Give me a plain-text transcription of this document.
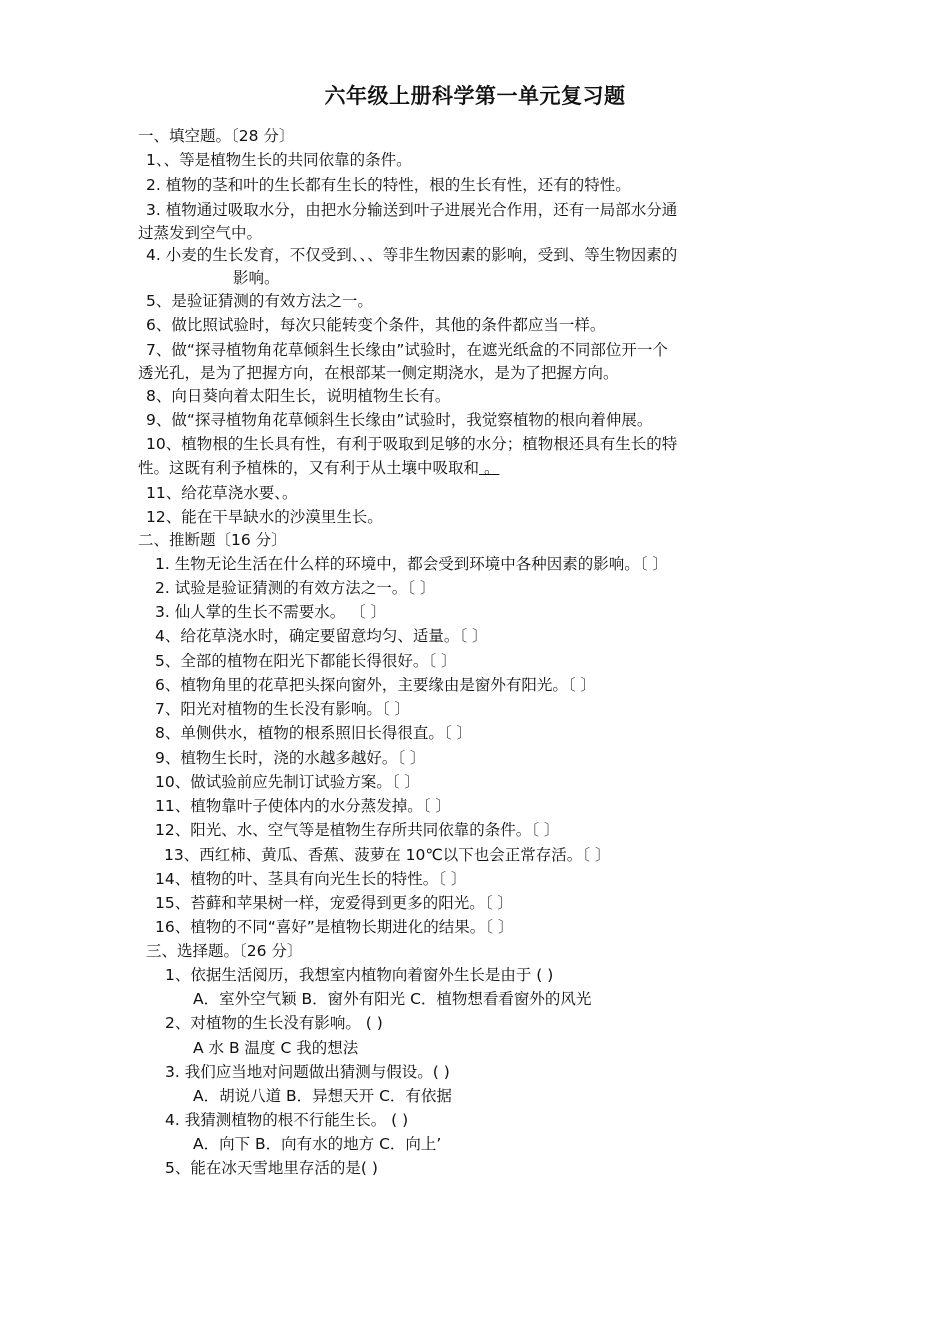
六年级上册科学第一单元复习题
一、填空题。〔28 分〕
1、、等是植物生长的共同依靠的条件。
2. 植物的茎和叶的生长都有生长的特性，根的生长有性，还有的特性。
3. 植物通过吸取水分，由把水分输送到叶子进展光合作用，还有一局部水分通
过蒸发到空气中。
4. 小麦的生长发育，不仅受到、、、等非生物因素的影响，受到、等生物因素的
影响。
5、是验证猜测的有效方法之一。
6、做比照试验时，每次只能转变个条件，其他的条件都应当一样。
7、做“探寻植物角花草倾斜生长缘由”试验时，在遮光纸盒的不同部位开一个
透光孔，是为了把握方向，在根部某一侧定期浇水，是为了把握方向。
8、向日葵向着太阳生长，说明植物生长有。
9、做“探寻植物角花草倾斜生长缘由”试验时，我觉察植物的根向着伸展。
10、植物根的生长具有性，有利于吸取到足够的水分；植物根还具有生长的特
性。这既有利予植株的，又有利于从土壤中吸取和 。
11、给花草浇水要、。
12、能在干旱缺水的沙漠里生长。
二、推断题〔16 分〕
1. 生物无论生活在什么样的环境中，都会受到环境中各种因素的影响。〔 〕
2. 试验是验证猜测的有效方法之一。〔 〕
3. 仙人掌的生长不需要水。 〔 〕
4、给花草浇水时，确定要留意均匀、适量。〔 〕
5、全部的植物在阳光下都能长得很好。〔 〕
6、植物角里的花草把头探向窗外，主要缘由是窗外有阳光。〔 〕
7、阳光对植物的生长没有影响。〔 〕
8、单侧供水，植物的根系照旧长得很直。〔 〕
9、植物生长时，浇的水越多越好。〔 〕
10、做试验前应先制订试验方案。〔 〕
11、植物靠叶子使体内的水分蒸发掉。〔 〕
12、阳光、水、空气等是植物生存所共同依靠的条件。〔 〕
13、西红柿、黄瓜、香蕉、菠萝在 10℃以下也会正常存活。〔 〕
14、植物的叶、茎具有向光生长的特性。〔 〕
15、苔藓和苹果树一样，宠爱得到更多的阳光。〔 〕
16、植物的不同“喜好”是植物长期进化的结果。〔 〕
三、选择题。〔26 分〕
1、依据生活阅历，我想室内植物向着窗外生长是由于 ( )
A．室外空气颖 B．窗外有阳光 C．植物想看看窗外的风光
2、对植物的生长没有影响。 ( )
A 水 B 温度 C 我的想法
3. 我们应当地对问题做出猜测与假设。( )
A．胡说八道 B．异想天开 C．有依据
4. 我猜测植物的根不行能生长。 ( )
A．向下 B．向有水的地方 C．向上’
5、能在冰天雪地里存活的是( )
